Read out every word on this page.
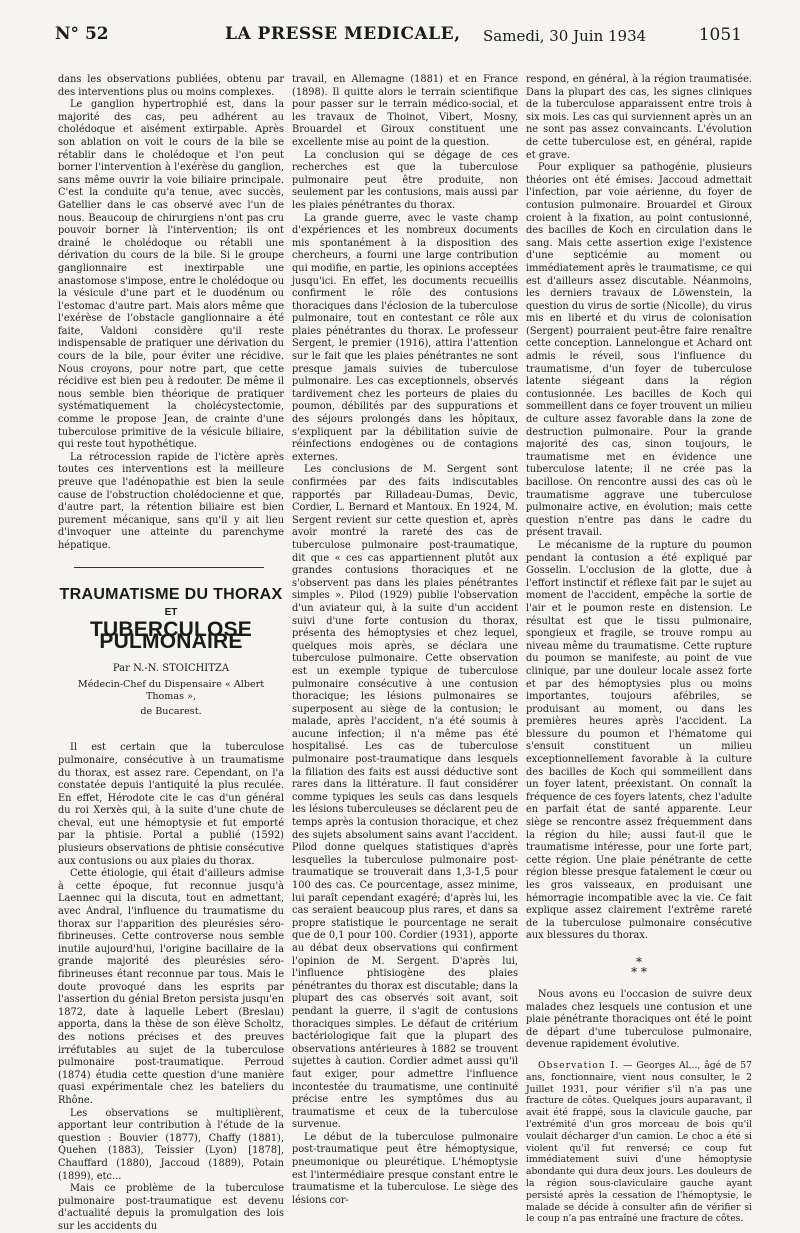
N° 52	LA PRESSE MEDICALE, Samedi, 30 Juin 1934	1051

dans les observations publiées, obtenu par des interventions plus ou moins complexes.

Le ganglion hypertrophié est, dans la majorité des cas, peu adhérent au cholédoque et aisément extirpable. Après son ablation on voit le cours de la bile se rétablir dans le cholédoque et l'on peut borner l'intervention à l'exérèse du ganglion, sans même ouvrir la voie biliaire principale. C'est la conduite qu'a tenue, avec succès, Gatellier dans le cas observé avec l'un de nous. Beaucoup de chirurgiens n'ont pas cru pouvoir borner là l'intervention; ils ont drainé le cholédoque ou rétabli une dérivation du cours de la bile. Si le groupe ganglionnaire est inextirpable une anastomose s'impose, entre le cholédoque ou la vésicule d'une part et le duodénum ou l'estomac d'autre part. Mais alors même que l'exérèse de l'obstacle ganglionnaire a été faite, Valdoni considère qu'il reste indispensable de pratiquer une dérivation du cours de la bile, pour éviter une récidive. Nous croyons, pour notre part, que cette récidive est bien peu à redouter. De même il nous semble bien théorique de pratiquer systématiquement la cholécystectomie, comme le propose Jean, de crainte d'une tuberculose primitive de la vésicule biliaire, qui reste tout hypothétique.

La rétrocession rapide de l'ictère après toutes ces interventions est la meilleure preuve que l'adénopathie est bien la seule cause de l'obstruction cholédocienne et que, d'autre part, la rétention biliaire est bien purement mécanique, sans qu'il y ait lieu d'invoquer une atteinte du parenchyme hépatique.

TRAUMATISME DU THORAX
ET
TUBERCULOSE PULMONAIRE
Par N.-N. STOICHITZA
Médecin-Chef du Dispensaire « Albert Thomas »,
de Bucarest.

Il est certain que la tuberculose pulmonaire, consécutive à un traumatisme du thorax, est assez rare. Cependant, on l'a constatée depuis l'antiquité la plus reculée. En effet, Hérodote cite le cas d'un général du roi Xerxès qui, à la suite d'une chute de cheval, eut une hémoptysie et fut emporté par la phtisie. Portal a publié (1592) plusieurs observations de phtisie consécutive aux contusions ou aux plaies du thorax.

Cette étiologie, qui était d'ailleurs admise à cette époque, fut reconnue jusqu'à Laennec qui la discuta, tout en admettant, avec Andral, l'influence du traumatisme du thorax sur l'apparition des pleurésies séro-fibrineuses. Cette controverse nous semble inutile aujourd'hui, l'origine bacillaire de la grande majorité des pleurésies séro-fibrineuses étant reconnue par tous. Mais le doute provoqué dans les esprits par l'assertion du génial Breton persista jusqu'en 1872, date à laquelle Lebert (Breslau) apporta, dans la thèse de son élève Scholtz, des notions précises et des preuves irréfutables au sujet de la tuberculose pulmonaire post-traumatique. Perroud (1874) étudia cette question d'une manière quasi expérimentale chez les bateliers du Rhône.

Les observations se multiplièrent, apportant leur contribution à l'étude de la question : Bouvier (1877), Chaffy (1881), Quehen (1883), Teissier (Lyon) [1878], Chauffard (1880), Jaccoud (1889), Potain (1899), etc...

Mais ce problème de la tuberculose pulmonaire post-traumatique est devenu d'actualité depuis la promulgation des lois sur les accidents du

travail, en Allemagne (1881) et en France (1898). Il quitte alors le terrain scientifique pour passer sur le terrain médico-social, et les travaux de Thoinot, Vibert, Mosny, Brouardel et Giroux constituent une excellente mise au point de la question.

La conclusion qui se dégage de ces recherches est que la tuberculose pulmonaire peut être produite, non seulement par les contusions, mais aussi par les plaies pénétrantes du thorax.

La grande guerre, avec le vaste champ d'expériences et les nombreux documents mis spontanément à la disposition des chercheurs, a fourni une large contribution qui modifie, en partie, les opinions acceptées jusqu'ici. En effet, les documents recueillis confirment le rôle des contusions thoraciques dans l'éclosion de la tuberculose pulmonaire, tout en contestant ce rôle aux plaies pénétrantes du thorax. Le professeur Sergent, le premier (1916), attira l'attention sur le fait que les plaies pénétrantes ne sont presque jamais suivies de tuberculose pulmonaire. Les cas exceptionnels, observés tardivement chez les porteurs de plaies du poumon, débilités par des suppurations et des séjours prolongés dans les hôpitaux, s'expliquent par la débilitation suivie de réinfections endogènes ou de contagions externes.

Les conclusions de M. Sergent sont confirmées par des faits indiscutables rapportés par Rilladeau-Dumas, Devic, Cordier, L. Bernard et Mantoux. En 1924, M. Sergent revient sur cette question et, après avoir montré la rareté des cas de tuberculose pulmonaire post-traumatique, dit que « ces cas appartiennent plutôt aux grandes contusions thoraciques et ne s'observent pas dans les plaies pénétrantes simples ». Pilod (1929) publie l'observation d'un aviateur qui, à la suite d'un accident suivi d'une forte contusion du thorax, présenta des hémoptysies et chez lequel, quelques mois après, se déclara une tuberculose pulmonaire. Cette observation est un exemple typique de tuberculose pulmonaire consécutive à une contusion thoracique; les lésions pulmonaires se superposent au siège de la contusion; le malade, après l'accident, n'a été soumis à aucune infection; il n'a même pas été hospitalisé. Les cas de tuberculose pulmonaire post-traumatique dans lesquels la filiation des faits est aussi déductive sont rares dans la littérature. Il faut considérer comme typiques les seuls cas dans lesquels les lésions tuberculeuses se déclarent peu de temps après la contusion thoracique, et chez des sujets absolument sains avant l'accident. Pilod donne quelques statistiques d'après lesquelles la tuberculose pulmonaire post-traumatique se trouverait dans 1,3-1,5 pour 100 des cas. Ce pourcentage, assez minime, lui paraît cependant exagéré; d'après lui, les cas seraient beaucoup plus rares, et dans sa propre statistique le pourcentage ne serait que de 0,1 pour 100. Cordier (1931), apporte au débat deux observations qui confirment l'opinion de M. Sergent. D'après lui, l'influence phtisiogène des plaies pénétrantes du thorax est discutable; dans la plupart des cas observés soit avant, soit pendant la guerre, il s'agit de contusions thoraciques simples. Le défaut de critérium bactériologique fait que la plupart des observations antérieures à 1882 se trouvent sujettes à caution. Cordier admet aussi qu'il faut exiger, pour admettre l'influence incontestée du traumatisme, une continuité précise entre les symptômes dus au traumatisme et ceux de la tuberculose survenue.

Le début de la tuberculose pulmonaire post-traumatique peut être hémoptysique, pneumonique ou pleurétique. L'hémoptysie est l'intermédiaire presque constant entre le traumatisme et la tuberculose. Le siège des lésions cor-

respond, en général, à la région traumatisée. Dans la plupart des cas, les signes cliniques de la tuberculose apparaissent entre trois à six mois. Les cas qui surviennent après un an ne sont pas assez convaincants. L'évolution de cette tuberculose est, en général, rapide et grave.

Pour expliquer sa pathogénie, plusieurs théories ont été émises. Jaccoud admettait l'infection, par voie aérienne, du foyer de contusion pulmonaire. Brouardel et Giroux croient à la fixation, au point contusionné, des bacilles de Koch en circulation dans le sang. Mais cette assertion exige l'existence d'une septicémie au moment ou immédiatement après le traumatisme, ce qui est d'ailleurs assez discutable. Néanmoins, les derniers travaux de Löwenstein, la question du virus de sortie (Nicolle), du virus mis en liberté et du virus de colonisation (Sergent) pourraient peut-être faire renaître cette conception. Lannelongue et Achard ont admis le réveil, sous l'influence du traumatisme, d'un foyer de tuberculose latente siégeant dans la région contusionnée. Les bacilles de Koch qui sommeillent dans ce foyer trouvent un milieu de culture assez favorable dans la zone de destruction pulmonaire. Pour la grande majorité des cas, sinon toujours, le traumatisme met en évidence une tuberculose latente; il ne crée pas la bacillose. On rencontre aussi des cas où le traumatisme aggrave une tuberculose pulmonaire active, en évolution; mais cette question n'entre pas dans le cadre du présent travail.

Le mécanisme de la rupture du poumon pendant la contusion a été expliqué par Gosselin. L'occlusion de la glotte, due à l'effort instinctif et réflexe fait par le sujet au moment de l'accident, empêche la sortie de l'air et le poumon reste en distension. Le résultat est que le tissu pulmonaire, spongieux et fragile, se trouve rompu au niveau même du traumatisme. Cette rupture du poumon se manifeste, au point de vue clinique, par une douleur locale assez forte et par des hémoptysies plus ou moins importantes, toujours afébriles, se produisant au moment, ou dans les premières heures après l'accident. La blessure du poumon et l'hématome qui s'ensuit constituent un milieu exceptionnellement favorable à la culture des bacilles de Koch qui sommeillent dans un foyer latent, préexistant. On connaît la fréquence de ces foyers latents, chez l'adulte en parfait état de santé apparente. Leur siège se rencontre assez fréquemment dans la région du hile; aussi faut-il que le traumatisme intéresse, pour une forte part, cette région. Une plaie pénétrante de cette région blesse presque fatalement le cœur ou les gros vaisseaux, en produisant une hémorragie incompatible avec la vie. Ce fait explique assez clairement l'extrême rareté de la tuberculose pulmonaire consécutive aux blessures du thorax.

*
* *

Nous avons eu l'occasion de suivre deux malades chez lesquels une contusion et une plaie pénétrante thoraciques ont été le point de départ d'une tuberculose pulmonaire, devenue rapidement évolutive.

Observation I. — Georges Al..., âgé de 57 ans, fonctionnaire, vient nous consulter, le 2 Juillet 1931, pour vérifier s'il n'a pas une fracture de côtes. Quelques jours auparavant, il avait été frappé, sous la clavicule gauche, par l'extrémité d'un gros morceau de bois qu'il voulait décharger d'un camion. Le choc a été si violent qu'il fut renversé; ce coup fut immédiatement suivi d'une hémoptysie abondante qui dura deux jours. Les douleurs de la région sous-claviculaire gauche ayant persisté après la cessation de l'hémoptysie, le malade se décide à consulter afin de vérifier si le coup n'a pas entraîné une fracture de côtes.
